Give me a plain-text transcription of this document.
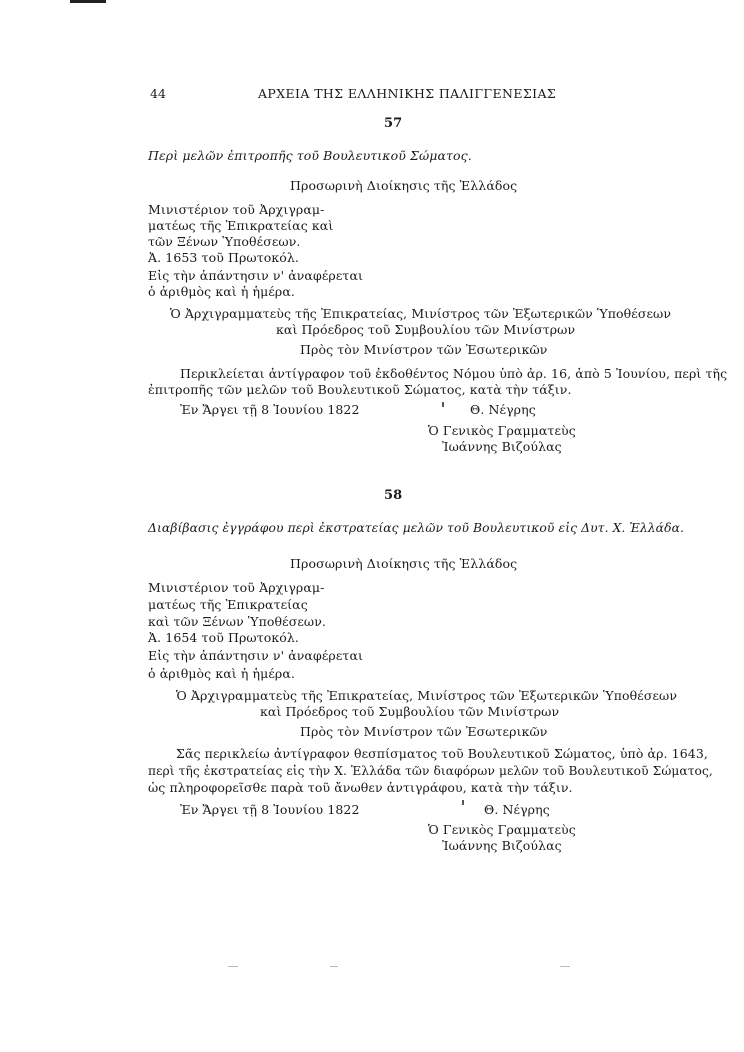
44	ΑΡΧΕΙΑ ΤΗΣ ΕΛΛΗΝΙΚΗΣ ΠΑΛΙΓΓΕΝΕΣΙΑΣ
57
Περὶ μελῶν ἐπιτροπῆς τοῦ Βουλευτικοῦ Σώματος.
Προσωρινὴ Διοίκησις τῆς Ἑλλάδος
Μινιστέριον τοῦ Ἀρχιγραμ-
ματέως τῆς Ἐπικρατείας καὶ
τῶν Ξένων Ὑποθέσεων.
Ἀ. 1653 τοῦ Πρωτοκόλ.
Εἰς τὴν ἀπάντησιν ν' ἀναφέρεται
ὁ ἀριθμὸς καὶ ἡ ἡμέρα.
Ὁ Ἀρχιγραμματεὺς τῆς Ἐπικρατείας, Μινίστρος τῶν Ἐξωτερικῶν Ὑποθέσεων
καὶ Πρόεδρος τοῦ Συμβουλίου τῶν Μινίστρων
Πρὸς τὸν Μινίστρον τῶν Ἐσωτερικῶν
Περικλείεται ἀντίγραφον τοῦ ἐκδοθέντος Νόμου ὑπὸ ἀρ. 16, ἀπὸ 5 Ἰουνίου, περὶ τῆς
ἐπιτροπῆς τῶν μελῶν τοῦ Βουλευτικοῦ Σώματος, κατὰ τὴν τάξιν.
Ἐν Ἄργει τῇ 8 Ἰουνίου 1822	Θ. Νέγρης
Ὁ Γενικὸς Γραμματεὺς
Ἰωάννης Βιζούλας
58
Διαβίβασις ἐγγράφου περὶ ἐκστρατείας μελῶν τοῦ Βουλευτικοῦ εἰς Δυτ. Χ. Ἑλλάδα.
Προσωρινὴ Διοίκησις τῆς Ἑλλάδος
Μινιστέριον τοῦ Ἀρχιγραμ-
ματέως τῆς Ἐπικρατείας
καὶ τῶν Ξένων Ὑποθέσεων.
Ἀ. 1654 τοῦ Πρωτοκόλ.
Εἰς τὴν ἀπάντησιν ν' ἀναφέρεται
ὁ ἀριθμὸς καὶ ἡ ἡμέρα.
Ὁ Ἀρχιγραμματεὺς τῆς Ἐπικρατείας, Μινίστρος τῶν Ἐξωτερικῶν Ὑποθέσεων
καὶ Πρόεδρος τοῦ Συμβουλίου τῶν Μινίστρων
Πρὸς τὸν Μινίστρον τῶν Ἐσωτερικῶν
Σᾶς περικλείω ἀντίγραφον θεσπίσματος τοῦ Βουλευτικοῦ Σώματος, ὑπὸ ἀρ. 1643,
περὶ τῆς ἐκστρατείας εἰς τὴν Χ. Ἑλλάδα τῶν διαφόρων μελῶν τοῦ Βουλευτικοῦ Σώματος,
ὡς πληροφορεῖσθε παρὰ τοῦ ἄνωθεν ἀντιγράφου, κατὰ τὴν τάξιν.
Ἐν Ἄργει τῇ 8 Ἰουνίου 1822	Θ. Νέγρης
Ὁ Γενικὸς Γραμματεὺς
Ἰωάννης Βιζούλας
